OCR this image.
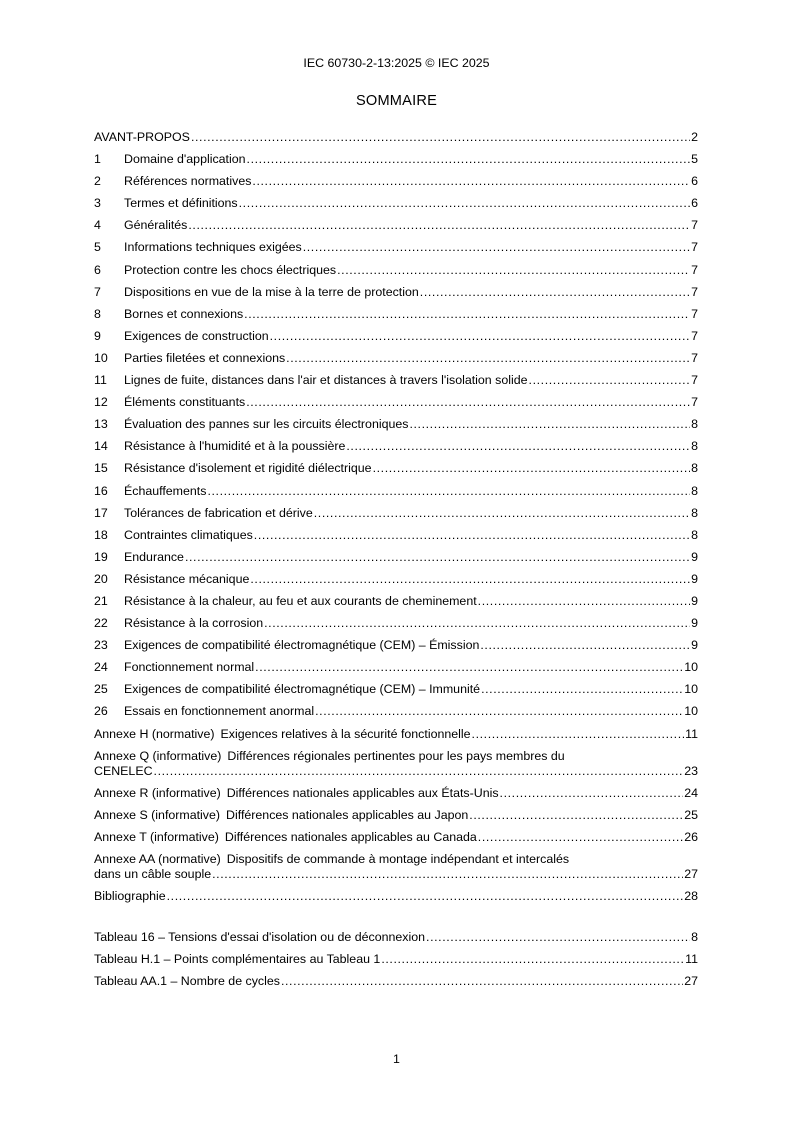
IEC 60730-2-13:2025 © IEC 2025
SOMMAIRE
AVANT-PROPOS .....	2
1	Domaine d'application .....	5
2	Références normatives .....	6
3	Termes et définitions .....	6
4	Généralités .....	7
5	Informations techniques exigées .....	7
6	Protection contre les chocs électriques .....	7
7	Dispositions en vue de la mise à la terre de protection .....	7
8	Bornes et connexions .....	7
9	Exigences de construction .....	7
10	Parties filetées et connexions .....	7
11	Lignes de fuite, distances dans l'air et distances à travers l'isolation solide .....	7
12	Éléments constituants .....	7
13	Évaluation des pannes sur les circuits électroniques .....	8
14	Résistance à l'humidité et à la poussière .....	8
15	Résistance d'isolement et rigidité diélectrique .....	8
16	Échauffements .....	8
17	Tolérances de fabrication et dérive .....	8
18	Contraintes climatiques .....	8
19	Endurance .....	9
20	Résistance mécanique .....	9
21	Résistance à la chaleur, au feu et aux courants de cheminement .....	9
22	Résistance à la corrosion .....	9
23	Exigences de compatibilité électromagnétique (CEM) – Émission .....	9
24	Fonctionnement normal .....	10
25	Exigences de compatibilité électromagnétique (CEM) – Immunité .....	10
26	Essais en fonctionnement anormal .....	10
Annexe H (normative) Exigences relatives à la sécurité fonctionnelle .....	11
Annexe Q (informative) Différences régionales pertinentes pour les pays membres du
CENELEC .....	23
Annexe R (informative) Différences nationales applicables aux États-Unis .....	24
Annexe S (informative) Différences nationales applicables au Japon .....	25
Annexe T (informative) Différences nationales applicables au Canada .....	26
Annexe AA (normative) Dispositifs de commande à montage indépendant et intercalés
dans un câble souple .....	27
Bibliographie .....	28
Tableau 16 – Tensions d'essai d'isolation ou de déconnexion .....	8
Tableau H.1 – Points complémentaires au Tableau 1 .....	11
Tableau AA.1 – Nombre de cycles .....	27
1
